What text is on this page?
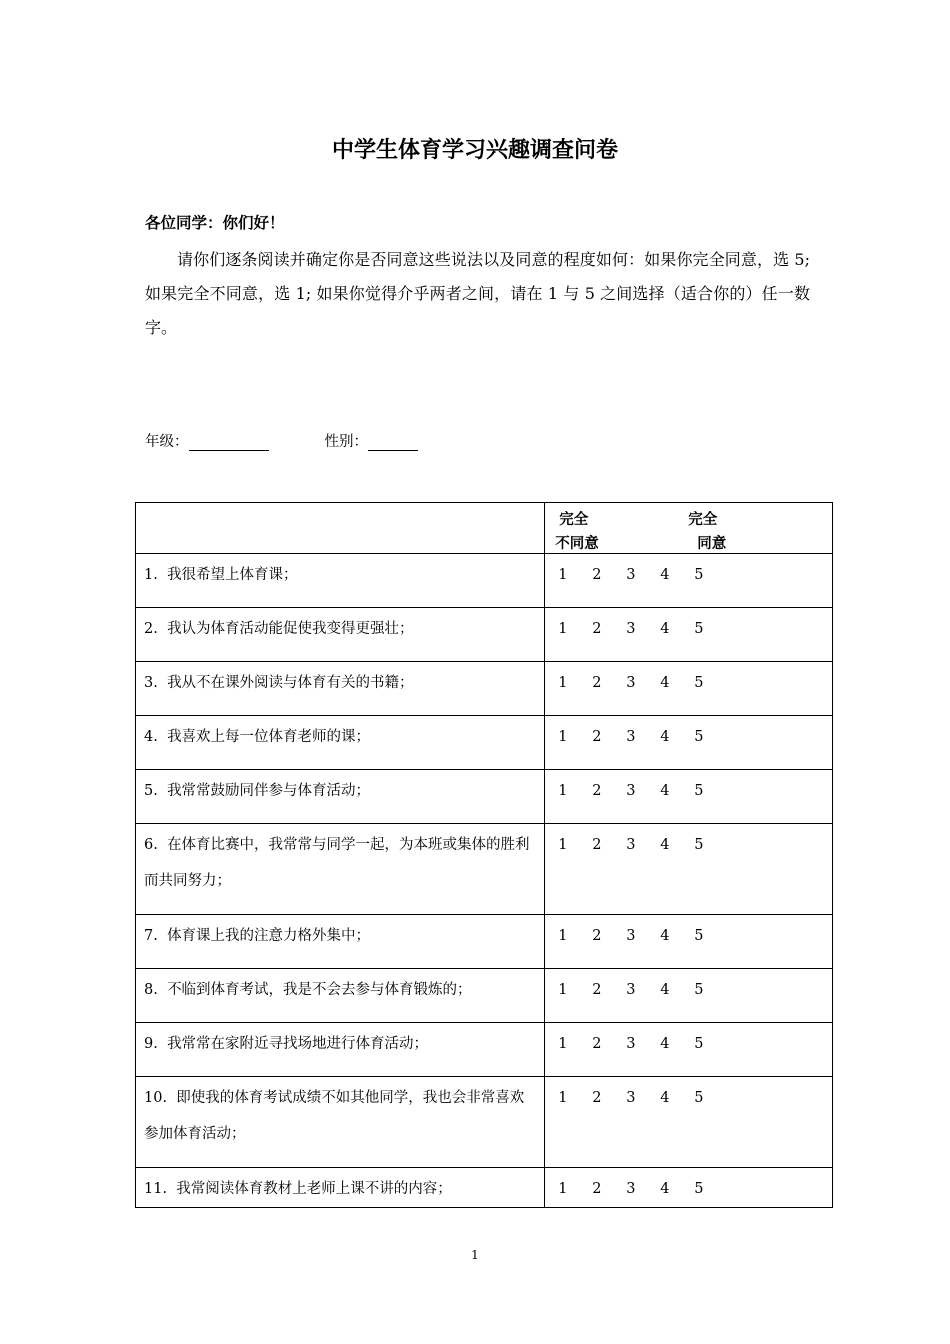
中学生体育学习兴趣调查问卷
各位同学：你们好！
请你们逐条阅读并确定你是否同意这些说法以及同意的程度如何：如果你完全同意，选 5; 如果完全不同意，选 1; 如果你觉得介乎两者之间，请在 1 与 5 之间选择（适合你的）任一数字。
年级：	性别：

	完全
不同意
完全
同意

1. 我很希望上体育课；	1 2 3 4 5

2. 我认为体育活动能促使我变得更强壮；	1 2 3 4 5

3. 我从不在课外阅读与体育有关的书籍；	1 2 3 4 5

4. 我喜欢上每一位体育老师的课；	1 2 3 4 5

5. 我常常鼓励同伴参与体育活动；	1 2 3 4 5

6. 在体育比赛中，我常常与同学一起，为本班或集体的胜利而共同努力；	1 2 3 4 5

7. 体育课上我的注意力格外集中；	1 2 3 4 5

8. 不临到体育考试，我是不会去参与体育锻炼的；	1 2 3 4 5

9. 我常常在家附近寻找场地进行体育活动；	1 2 3 4 5

10. 即使我的体育考试成绩不如其他同学，我也会非常喜欢参加体育活动；	1 2 3 4 5

11. 我常阅读体育教材上老师上课不讲的内容；	1 2 3 4 5
1
